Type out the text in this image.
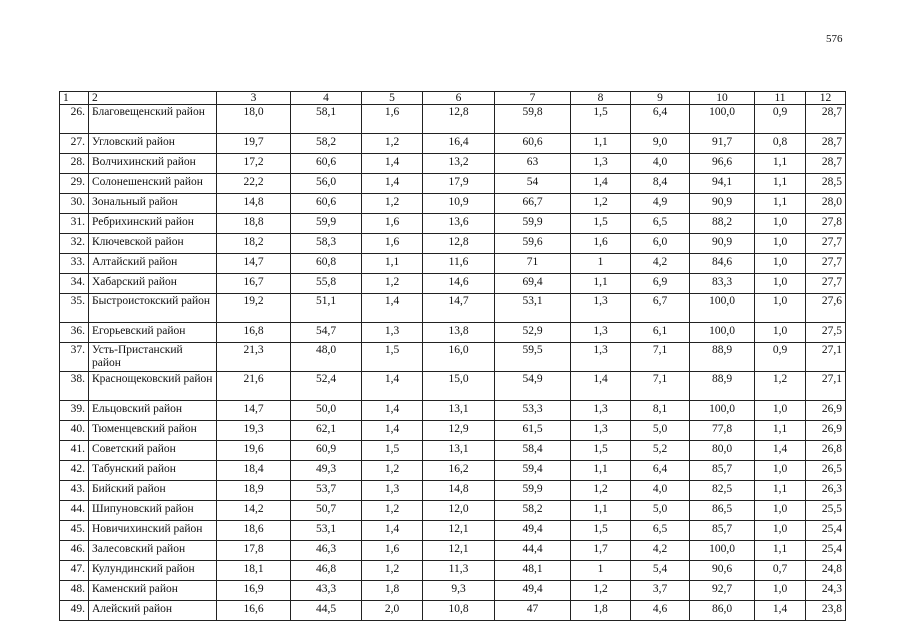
576
1	2	3	4	5	6	7	8	9	10	11	12
26.	Благовещенский район	18,0	58,1	1,6	12,8	59,8	1,5	6,4	100,0	0,9	28,7
27.	Угловский район	19,7	58,2	1,2	16,4	60,6	1,1	9,0	91,7	0,8	28,7
28.	Волчихинский район	17,2	60,6	1,4	13,2	63	1,3	4,0	96,6	1,1	28,7
29.	Солонешенский район	22,2	56,0	1,4	17,9	54	1,4	8,4	94,1	1,1	28,5
30.	Зональный район	14,8	60,6	1,2	10,9	66,7	1,2	4,9	90,9	1,1	28,0
31.	Ребрихинский район	18,8	59,9	1,6	13,6	59,9	1,5	6,5	88,2	1,0	27,8
32.	Ключевской район	18,2	58,3	1,6	12,8	59,6	1,6	6,0	90,9	1,0	27,7
33.	Алтайский район	14,7	60,8	1,1	11,6	71	1	4,2	84,6	1,0	27,7
34.	Хабарский район	16,7	55,8	1,2	14,6	69,4	1,1	6,9	83,3	1,0	27,7
35.	Быстроистокский район	19,2	51,1	1,4	14,7	53,1	1,3	6,7	100,0	1,0	27,6
36.	Егорьевский район	16,8	54,7	1,3	13,8	52,9	1,3	6,1	100,0	1,0	27,5
37.	Усть-Пристанский район	21,3	48,0	1,5	16,0	59,5	1,3	7,1	88,9	0,9	27,1
38.	Краснощековский район	21,6	52,4	1,4	15,0	54,9	1,4	7,1	88,9	1,2	27,1
39.	Ельцовский район	14,7	50,0	1,4	13,1	53,3	1,3	8,1	100,0	1,0	26,9
40.	Тюменцевский район	19,3	62,1	1,4	12,9	61,5	1,3	5,0	77,8	1,1	26,9
41.	Советский район	19,6	60,9	1,5	13,1	58,4	1,5	5,2	80,0	1,4	26,8
42.	Табунский район	18,4	49,3	1,2	16,2	59,4	1,1	6,4	85,7	1,0	26,5
43.	Бийский район	18,9	53,7	1,3	14,8	59,9	1,2	4,0	82,5	1,1	26,3
44.	Шипуновский район	14,2	50,7	1,2	12,0	58,2	1,1	5,0	86,5	1,0	25,5
45.	Новичихинский район	18,6	53,1	1,4	12,1	49,4	1,5	6,5	85,7	1,0	25,4
46.	Залесовский район	17,8	46,3	1,6	12,1	44,4	1,7	4,2	100,0	1,1	25,4
47.	Кулундинский район	18,1	46,8	1,2	11,3	48,1	1	5,4	90,6	0,7	24,8
48.	Каменский район	16,9	43,3	1,8	9,3	49,4	1,2	3,7	92,7	1,0	24,3
49.	Алейский район	16,6	44,5	2,0	10,8	47	1,8	4,6	86,0	1,4	23,8
